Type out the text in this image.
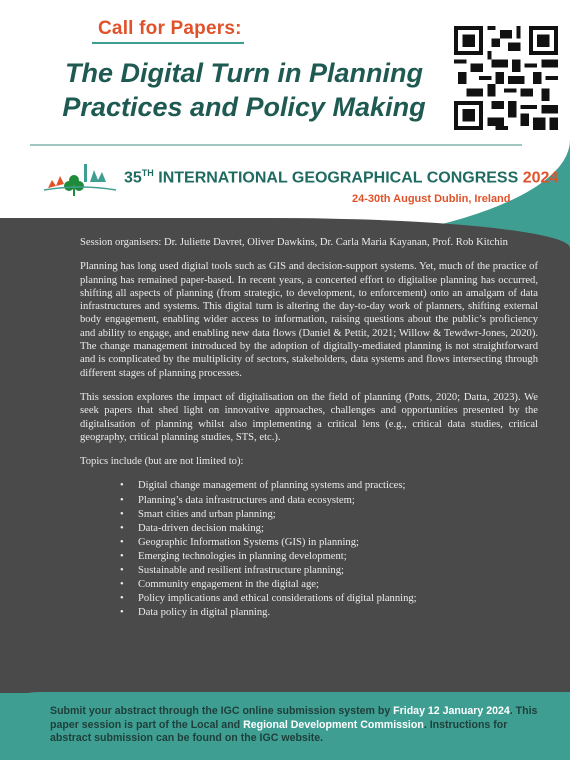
Call for Papers:
The Digital Turn in Planning
Practices and Policy Making
35TH INTERNATIONAL GEOGRAPHICAL CONGRESS 2024
24-30th August Dublin, Ireland

Session organisers: Dr. Juliette Davret, Oliver Dawkins, Dr. Carla Maria Kayanan, Prof. Rob Kitchin

Planning has long used digital tools such as GIS and decision-support systems. Yet, much of the practice of planning has remained paper-based. In recent years, a concerted effort to digitalise planning has occurred, shifting all aspects of planning (from strategic, to development, to enforcement) onto an amalgam of data infrastructures and systems. This digital turn is altering the day-to-day work of planners, shifting external body engagement, enabling wider access to information, raising questions about the public’s proficiency and ability to engage, and enabling new data flows (Daniel & Pettit, 2021; Willow & Tewdwr-Jones, 2020). The change management introduced by the adoption of digitally-mediated planning is not straightforward and is complicated by the multiplicity of sectors, stakeholders, data systems and flows intersecting through different stages of planning processes.

This session explores the impact of digitalisation on the field of planning (Potts, 2020; Datta, 2023). We seek papers that shed light on innovative approaches, challenges and opportunities presented by the digitalisation of planning whilst also implementing a critical lens (e.g., critical data studies, critical geography, critical planning studies, STS, etc.).

Topics include (but are not limited to):

• Digital change management of planning systems and practices;
• Planning’s data infrastructures and data ecosystem;
• Smart cities and urban planning;
• Data-driven decision making;
• Geographic Information Systems (GIS) in planning;
• Emerging technologies in planning development;
• Sustainable and resilient infrastructure planning;
• Community engagement in the digital age;
• Policy implications and ethical considerations of digital planning;
• Data policy in digital planning.
Submit your abstract through the IGC online submission system by Friday 12 January 2024. This paper session is part of the Local and Regional Development Commission. Instructions for abstract submission can be found on the IGC website.
